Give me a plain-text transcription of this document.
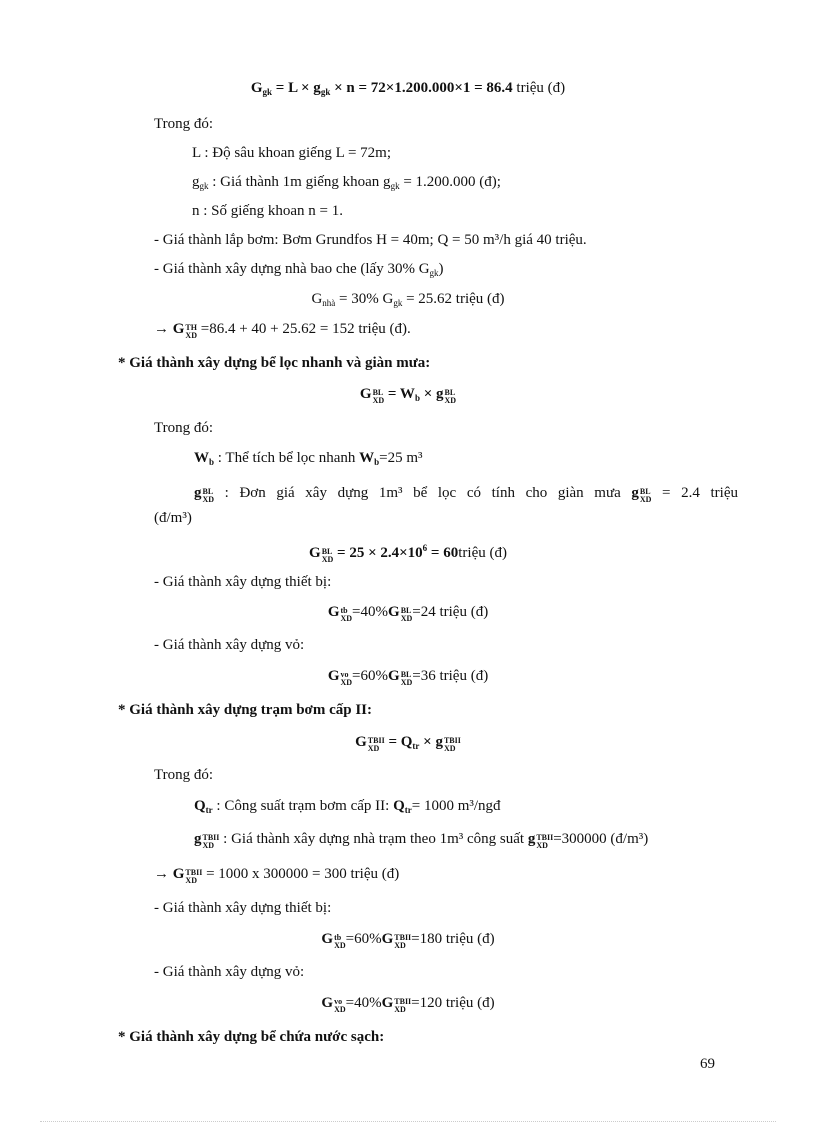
$G_{gk} = L \times g_{gk} \times n = 72\times 1.200.000\times 1 = 86.4$ triệu (đ)
Trong đó:
L : Độ sâu khoan giếng L = 72m;
$g_{gk}$ : Giá thành 1m giếng khoan $g_{gk} = 1.200.000$ (đ);
n : Số giếng khoan n = 1.
- Giá thành lắp bơm: Bơm Grundfos H = 40m; Q = 50 m³/h giá 40 triệu.
- Giá thành xây dựng nhà bao che (lấy 30% $G_{gk}$)
$G_{nhà} = 30\%$ $G_{gk} = 25.62$ triệu (đ)
→ G TH
XD =86.4 + 40 + 25.62 = 152 triệu (đ).
* Giá thành xây dựng bể lọc nhanh và giàn mưa:
G BL
XD = $W_b \times g$ BL
XD
Trong đó:
$W_b$ : Thể tích bể lọc nhanh $W_b=25$ m³
g BL
XD : Đơn giá xây dựng 1m³ bể lọc có tính cho giàn mưa g BL
XD = 2.4 triệu
(đ/m³)
G BL
XD = $25 \times 2.4\times 10^6$ = 60triệu (đ)
- Giá thành xây dựng thiết bị:
G tb
XD =40%G BL
XD =24 triệu (đ)
- Giá thành xây dựng vỏ:
G vo
XD =60%G BL
XD =36 triệu (đ)
* Giá thành xây dựng trạm bơm cấp II:
G TBII
XD = $Q_{tr} \times g$ TBII
XD
Trong đó:
$Q_{tr}$ : Công suất trạm bơm cấp II: $Q_{tr}= 1000$ m³/ngđ
g TBII
XD : Giá thành xây dựng nhà trạm theo 1m³ công suất g TBII
XD =300000 (đ/m³)
→ G TBII
XD = 1000 x 300000 = 300 triệu (đ)
- Giá thành xây dựng thiết bị:
G tb
XD =60%G TBII
XD =180 triệu (đ)
- Giá thành xây dựng vỏ:
G vo
XD =40%G TBII
XD =120 triệu (đ)
* Giá thành xây dựng bể chứa nước sạch:
69
